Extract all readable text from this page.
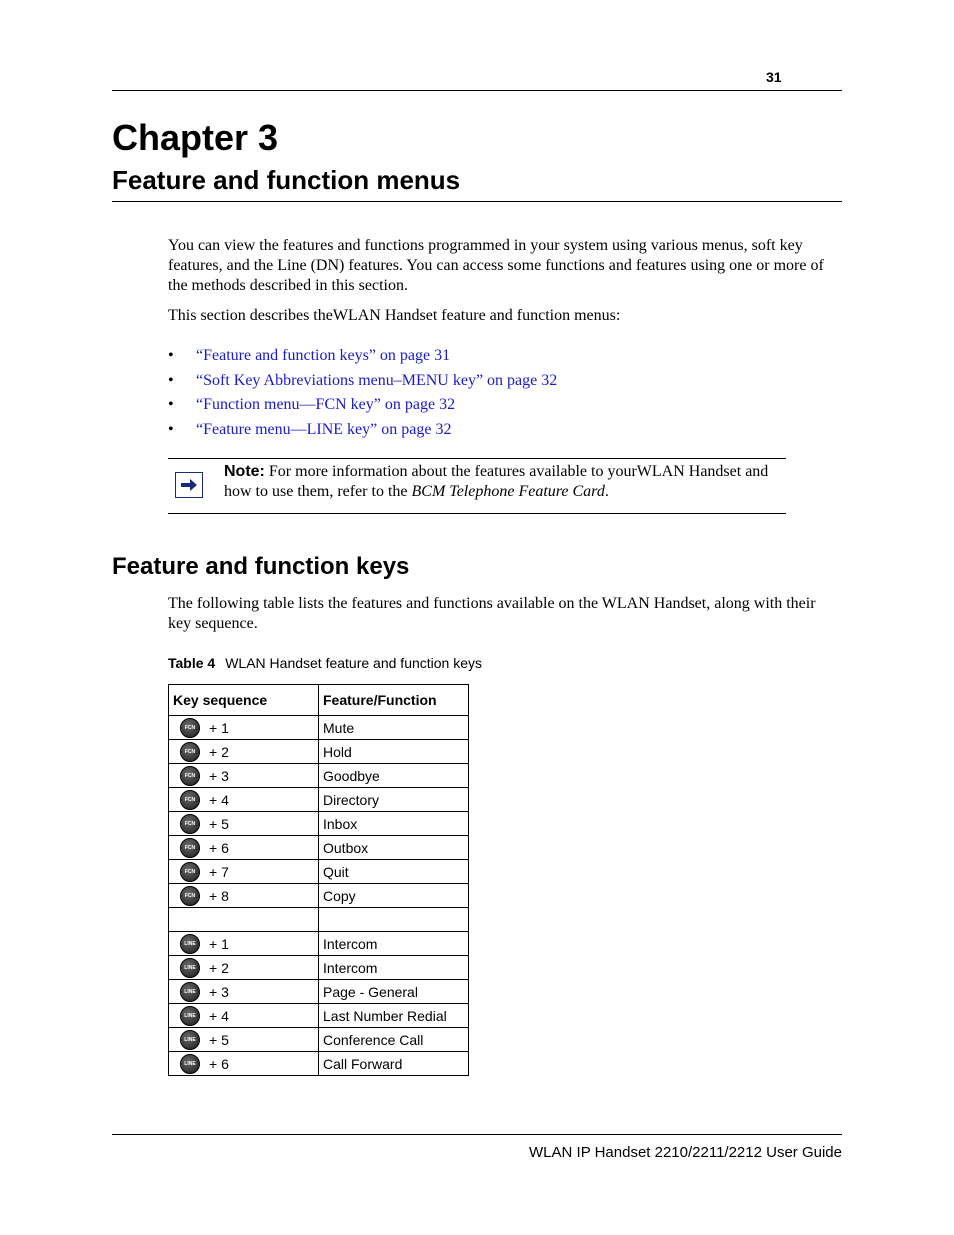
31
Chapter 3
Feature and function menus

You can view the features and functions programmed in your system using various menus, soft key features, and the Line (DN) features. You can access some functions and features using one or more of the methods described in this section.

This section describes theWLAN Handset feature and function menus:

• “Feature and function keys” on page 31
• “Soft Key Abbreviations menu–MENU key” on page 32
• “Function menu—FCN key” on page 32
• “Feature menu—LINE key” on page 32
Note: For more information about the features available to yourWLAN Handset and how to use them, refer to the BCM Telephone Feature Card.
Feature and function keys

The following table lists the features and functions available on the WLAN Handset, along with their key sequence.

Table 4 WLAN Handset feature and function keys
Key sequence	Feature/Function

FCN + 1	Mute

FCN + 2	Hold

FCN + 3	Goodbye

FCN + 4	Directory

FCN + 5	Inbox

FCN + 6	Outbox

FCN + 7	Quit

FCN + 8	Copy

LINE + 1	Intercom

LINE + 2	Intercom

LINE + 3	Page - General

LINE + 4	Last Number Redial

LINE + 5	Conference Call

LINE + 6	Call Forward
WLAN IP Handset 2210/2211/2212 User Guide
